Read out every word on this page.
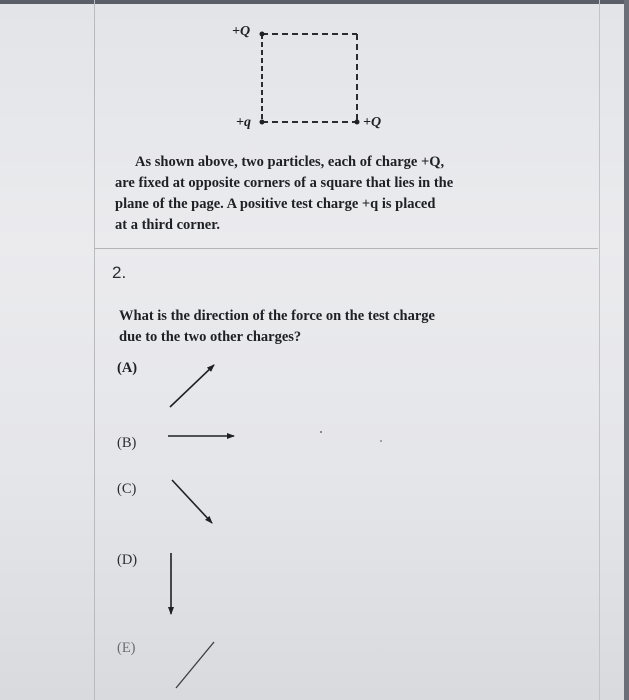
+Q
+q	+Q

As shown above, two particles, each of charge +Q,
are fixed at opposite corners of a square that lies in the
plane of the page. A positive test charge +q is placed
at a third corner.

2.

What is the direction of the force on the test charge
due to the two other charges?

(A)
(B)
(C)
(D)
(E)
